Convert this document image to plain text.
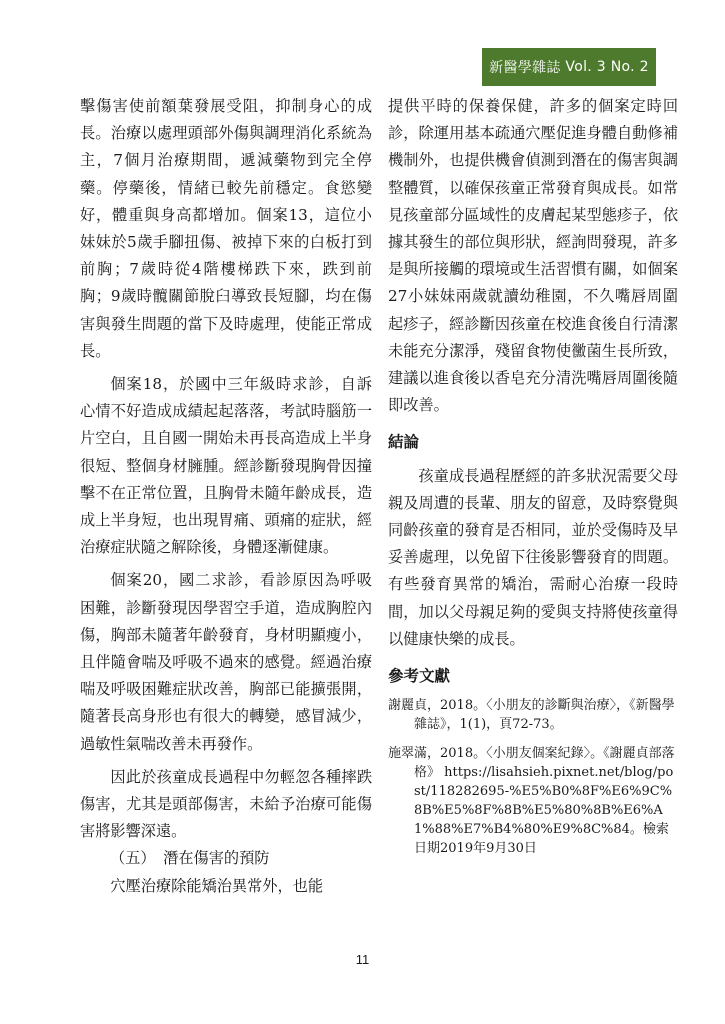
新醫學雜誌
Vol. 3 No. 2

擊傷害使前額葉發展受阻，抑制身心的成長。治療以處理頭部外傷與調理消化系統為主，7個月治療期間，遞減藥物到完全停藥。停藥後，情緒已較先前穩定。食慾變好，體重與身高都增加。個案13，這位小妹妹於5歲手腳扭傷、被掉下來的白板打到前胸；7歲時從4階樓梯跌下來，跌到前胸；9歲時髖關節脫臼導致長短腳，均在傷害與發生問題的當下及時處理，使能正常成長。

個案18，於國中三年級時求診，自訴心情不好造成成績起起落落，考試時腦筋一片空白，且自國一開始未再長高造成上半身很短、整個身材臃腫。經診斷發現胸骨因撞擊不在正常位置，且胸骨未隨年齡成長，造成上半身短，也出現胃痛、頭痛的症狀，經治療症狀隨之解除後，身體逐漸健康。

個案20，國二求診，看診原因為呼吸困難，診斷發現因學習空手道，造成胸腔內傷，胸部未隨著年齡發育，身材明顯瘦小，且伴隨會喘及呼吸不過來的感覺。經過治療喘及呼吸困難症狀改善，胸部已能擴張開，隨著長高身形也有很大的轉變，感冒減少，過敏性氣喘改善未再發作。

因此於孩童成長過程中勿輕忽各種摔跌傷害，尤其是頭部傷害，未給予治療可能傷害將影響深遠。

（五）　潛在傷害的預防

穴壓治療除能矯治異常外，也能

提供平時的保養保健，許多的個案定時回診，除運用基本疏通穴壓促進身體自動修補機制外，也提供機會偵測到潛在的傷害與調整體質，以確保孩童正常發育與成長。如常見孩童部分區域性的皮膚起某型態疹子，依據其發生的部位與形狀，經詢問發現，許多是與所接觸的環境或生活習慣有關，如個案27小妹妹兩歲就讀幼稚園，不久嘴唇周圍起疹子，經診斷因孩童在校進食後自行清潔未能充分潔淨，殘留食物使黴菌生長所致，建議以進食後以香皂充分清洗嘴唇周圍後隨即改善。

結論

孩童成長過程歷經的許多狀況需要父母親及周遭的長輩、朋友的留意，及時察覺與同齡孩童的發育是否相同，並於受傷時及早妥善處理，以免留下往後影響發育的問題。有些發育異常的矯治，需耐心治療一段時間，加以父母親足夠的愛與支持將使孩童得以健康快樂的成長。

參考文獻

謝麗貞，2018。〈小朋友的診斷與治療〉，《新醫學雜誌》，1(1)，頁72-73。

施翠滿，2018。〈小朋友個案紀錄〉。《謝麗貞部落格》 https://lisahsieh.pixnet.net/blog/post/118282695-%E5%B0%8F%E6%9C%8B%E5%8F%8B%E5%80%8B%E6%A1%88%E7%B4%80%E9%8C%84。檢索日期2019年9月30日

11
